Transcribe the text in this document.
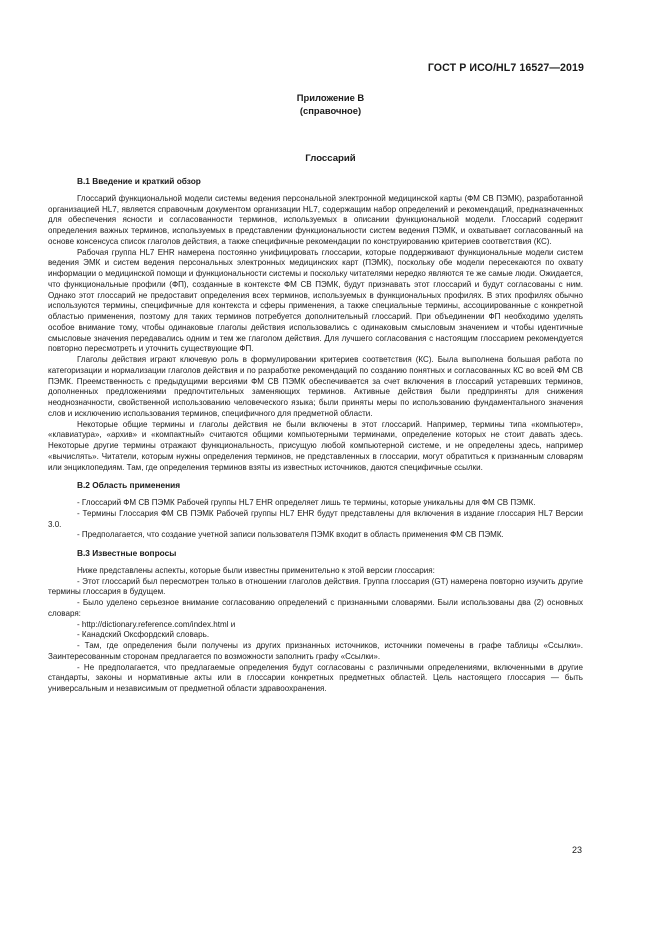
ГОСТ Р ИСО/HL7 16527—2019
Приложение В
(справочное)
Глоссарий

В.1 Введение и краткий обзор

Глоссарий функциональной модели системы ведения персональной электронной медицинской карты (ФМ СВ ПЭМК), разработанной организацией HL7, является справочным документом организации HL7, содержащим набор определений и рекомендаций, предназначенных для обеспечения ясности и согласованности терминов, используемых в описании функциональной модели. Глоссарий содержит определения важных терминов, используемых в представлении функциональности систем ведения ПЭМК, и охватывает согласованный на основе консенсуса список глаголов действия, а также специфичные рекомендации по конструированию критериев соответствия (КС).

Рабочая группа HL7 EHR намерена постоянно унифицировать глоссарии, которые поддерживают функциональные модели систем ведения ЭМК и систем ведения персональных электронных медицинских карт (ПЭМК), поскольку обе модели пересекаются по охвату информации о медицинской помощи и функциональности системы и поскольку читателями нередко являются те же самые люди. Ожидается, что функциональные профили (ФП), созданные в контексте ФМ СВ ПЭМК, будут признавать этот глоссарий и будут согласованы с ним. Однако этот глоссарий не предоставит определения всех терминов, используемых в функциональных профилях. В этих профилях обычно используются термины, специфичные для контекста и сферы применения, а также специальные термины, ассоциированные с конкретной областью применения, поэтому для таких терминов потребуется дополнительный глоссарий. При объединении ФП необходимо уделять особое внимание тому, чтобы одинаковые глаголы действия использовались с одинаковым смысловым значением и чтобы идентичные смысловые значения передавались одним и тем же глаголом действия. Для лучшего согласования с настоящим глоссарием рекомендуется повторно пересмотреть и уточнить существующие ФП.

Глаголы действия играют ключевую роль в формулировании критериев соответствия (КС). Была выполнена большая работа по категоризации и нормализации глаголов действия и по разработке рекомендаций по созданию понятных и согласованных КС во всей ФМ СВ ПЭМК. Преемственность с предыдущими версиями ФМ СВ ПЭМК обеспечивается за счет включения в глоссарий устаревших терминов, дополненных предложениями предпочтительных заменяющих терминов. Активные действия были предприняты для снижения неоднозначности, свойственной использованию человеческого языка; были приняты меры по использованию фундаментального значения слов и исключению использования терминов, специфичного для предметной области.

Некоторые общие термины и глаголы действия не были включены в этот глоссарий. Например, термины типа «компьютер», «клавиатура», «архив» и «компактный» считаются общими компьютерными терминами, определение которых не стоит давать здесь. Некоторые другие термины отражают функциональность, присущую любой компьютерной системе, и не определены здесь, например «вычислять». Читатели, которым нужны определения терминов, не представленных в глоссарии, могут обратиться к признанным словарям или энциклопедиям. Там, где определения терминов взяты из известных источников, даются специфичные ссылки.

В.2 Область применения

- Глоссарий ФМ СВ ПЭМК Рабочей группы HL7 EHR определяет лишь те термины, которые уникальны для ФМ СВ ПЭМК.

- Термины Глоссария ФМ СВ ПЭМК Рабочей группы HL7 EHR будут представлены для включения в издание глоссария HL7 Версии 3.0.

- Предполагается, что создание учетной записи пользователя ПЭМК входит в область применения ФМ СВ ПЭМК.

В.3 Известные вопросы

Ниже представлены аспекты, которые были известны применительно к этой версии глоссария:

- Этот глоссарий был пересмотрен только в отношении глаголов действия. Группа глоссария (GT) намерена повторно изучить другие термины глоссария в будущем.

- Было уделено серьезное внимание согласованию определений с признанными словарями. Были использованы два (2) основных словаря:

- http://dictionary.reference.com/index.html и

- Канадский Оксфордский словарь.

- Там, где определения были получены из других признанных источников, источники помечены в графе таблицы «Ссылки». Заинтересованным сторонам предлагается по возможности заполнить графу «Ссылки».

- Не предполагается, что предлагаемые определения будут согласованы с различными определениями, включенными в другие стандарты, законы и нормативные акты или в глоссарии конкретных предметных областей. Цель настоящего глоссария — быть универсальным и независимым от предметной области здравоохранения.

23
